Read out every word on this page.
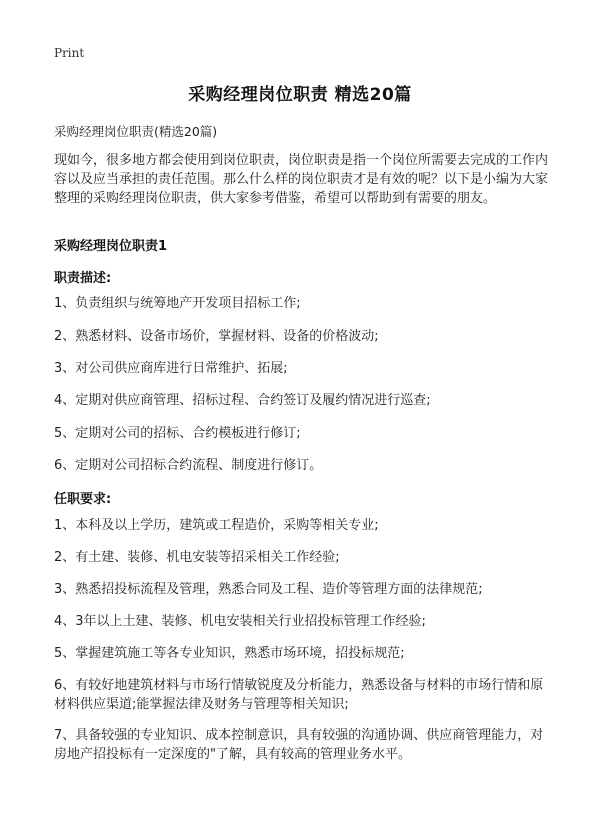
Print
采购经理岗位职责 精选20篇
采购经理岗位职责(精选20篇)
现如今，很多地方都会使用到岗位职责，岗位职责是指一个岗位所需要去完成的工作内容以及应当承担的责任范围。那么什么样的岗位职责才是有效的呢？以下是小编为大家整理的采购经理岗位职责，供大家参考借鉴，希望可以帮助到有需要的朋友。
采购经理岗位职责1
职责描述:
1、负责组织与统筹地产开发项目招标工作;
2、熟悉材料、设备市场价，掌握材料、设备的价格波动;
3、对公司供应商库进行日常维护、拓展;
4、定期对供应商管理、招标过程、合约签订及履约情况进行巡查;
5、定期对公司的招标、合约模板进行修订;
6、定期对公司招标合约流程、制度进行修订。
任职要求:
1、本科及以上学历，建筑或工程造价，采购等相关专业;
2、有土建、装修、机电安装等招采相关工作经验;
3、熟悉招投标流程及管理，熟悉合同及工程、造价等管理方面的法律规范;
4、3年以上土建、装修、机电安装相关行业招投标管理工作经验;
5、掌握建筑施工等各专业知识，熟悉市场环境，招投标规范;
6、有较好地建筑材料与市场行情敏锐度及分析能力，熟悉设备与材料的市场行情和原材料供应渠道;能掌握法律及财务与管理等相关知识;
7、具备较强的专业知识、成本控制意识，具有较强的沟通协调、供应商管理能力，对房地产招投标有一定深度的"了解，具有较高的管理业务水平。
